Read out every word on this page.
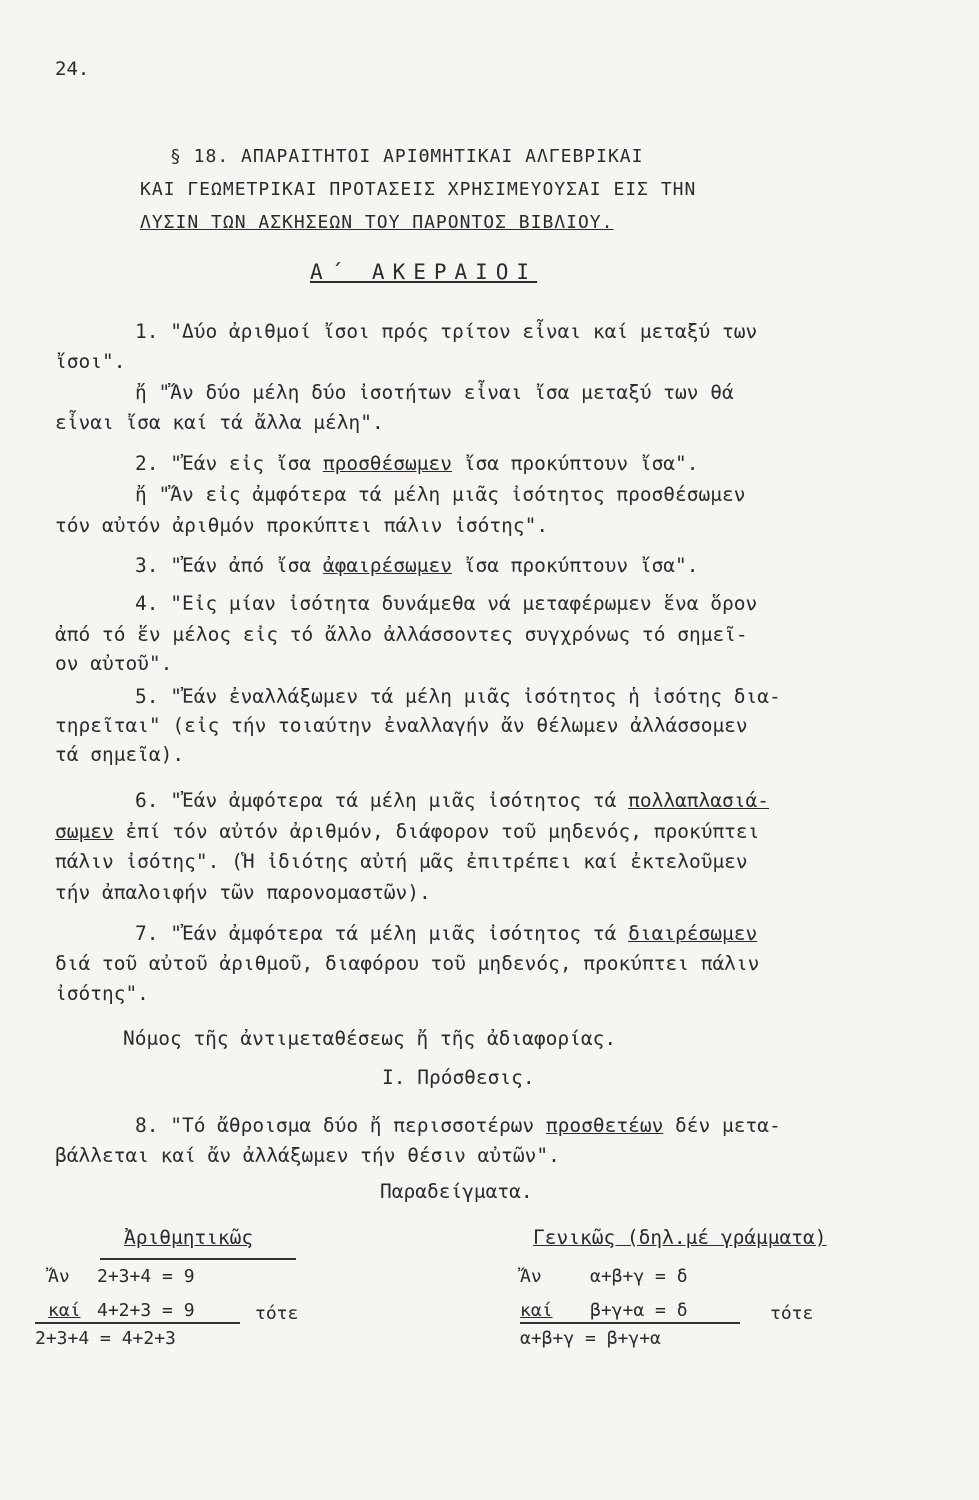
24.
§ 18. ΑΠΑΡΑΙΤΗΤΟΙ ΑΡΙΘΜΗΤΙΚΑΙ ΑΛΓΕΒΡΙΚΑΙ
ΚΑΙ ΓΕΩΜΕΤΡΙΚΑΙ ΠΡΟΤΑΣΕΙΣ ΧΡΗΣΙΜΕΥΟΥΣΑΙ ΕΙΣ ΤΗΝ
ΛΥΣΙΝ ΤΩΝ ΑΣΚΗΣΕΩΝ ΤΟΥ ΠΑΡΟΝΤΟΣ ΒΙΒΛΙΟΥ.
Α΄ ΑΚΕΡΑΙΟΙ
1. "Δύο ἀριθμοί ἴσοι πρός τρίτον εἶναι καί μεταξύ των
ἴσοι".
ἤ "Ἄν δύο μέλη δύο ἰσοτήτων εἶναι ἴσα μεταξύ των θά
εἶναι ἴσα καί τά ἄλλα μέλη".
2. "Ἐάν εἰς ἴσα προσθέσωμεν ἴσα προκύπτουν ἴσα".
ἤ "Ἄν εἰς ἀμφότερα τά μέλη μιᾶς ἰσότητος προσθέσωμεν
τόν αὐτόν ἀριθμόν προκύπτει πάλιν ἰσότης".
3. "Ἐάν ἀπό ἴσα ἀφαιρέσωμεν ἴσα προκύπτουν ἴσα".
4. "Εἰς μίαν ἰσότητα δυνάμεθα νά μεταφέρωμεν ἕνα ὅρον
ἀπό τό ἕν μέλος εἰς τό ἄλλο ἀλλάσσοντες συγχρόνως τό σημεῖ-
ον αὐτοῦ".
5. "Ἐάν ἐναλλάξωμεν τά μέλη μιᾶς ἰσότητος ἡ ἰσότης δια-
τηρεῖται" (εἰς τήν τοιαύτην ἐναλλαγήν ἄν θέλωμεν ἀλλάσσομεν
τά σημεῖα).
6. "Ἐάν ἀμφότερα τά μέλη μιᾶς ἰσότητος τά πολλαπλασιά-
σωμεν ἐπί τόν αὐτόν ἀριθμόν, διάφορον τοῦ μηδενός, προκύπτει
πάλιν ἰσότης". (Ἡ ἰδιότης αὐτή μᾶς ἐπιτρέπει καί ἐκτελοῦμεν
τήν ἀπαλοιφήν τῶν παρονομαστῶν).
7. "Ἐάν ἀμφότερα τά μέλη μιᾶς ἰσότητος τά διαιρέσωμεν
διά τοῦ αὐτοῦ ἀριθμοῦ, διαφόρου τοῦ μηδενός, προκύπτει πάλιν
ἰσότης".
Νόμος τῆς ἀντιμεταθέσεως ἤ τῆς ἀδιαφορίας.
I. Πρόσθεσις.
8. "Τό ἄθροισμα δύο ἤ περισσοτέρων προσθετέων δέν μετα-
βάλλεται καί ἄν ἀλλάξωμεν τήν θέσιν αὐτῶν".
Παραδείγματα.
Ἀριθμητικῶς
Ἄν 2+3+4 = 9
καί 4+2+3 = 9	τότε
2+3+4 = 4+2+3
Γενικῶς (δηλ.μέ γράμματα)
Ἄν	α+β+γ = δ
καί β+γ+α = δ	τότε
α+β+γ = β+γ+α
